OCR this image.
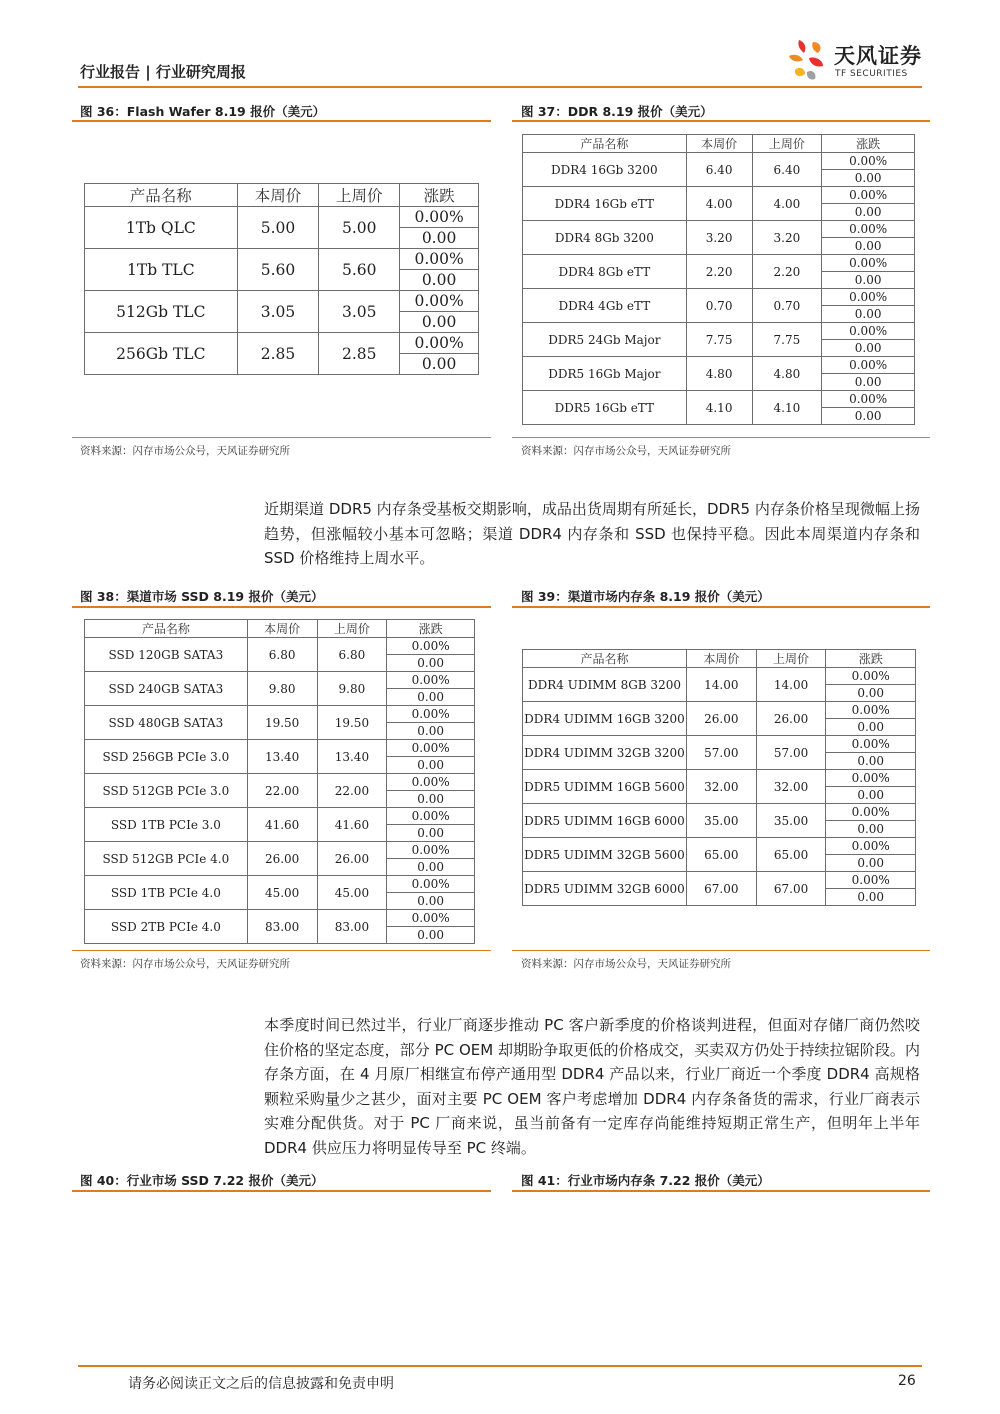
行业报告 | 行业研究周报
天风证券
TF SECURITIES
图 36：Flash Wafer 8.19 报价（美元）
产品名称	本周价	上周价	涨跌
1Tb QLC	5.00	5.00	0.00%
			0.00
1Tb TLC	5.60	5.60	0.00%
			0.00
512Gb TLC	3.05	3.05	0.00%
			0.00
256Gb TLC	2.85	2.85	0.00%
			0.00
资料来源：闪存市场公众号，天风证券研究所
图 37：DDR 8.19 报价（美元）
产品名称	本周价	上周价	涨跌
DDR4 16Gb 3200	6.40	6.40	0.00%
			0.00
DDR4 16Gb eTT	4.00	4.00	0.00%
			0.00
DDR4 8Gb 3200	3.20	3.20	0.00%
			0.00
DDR4 8Gb eTT	2.20	2.20	0.00%
			0.00
DDR4 4Gb eTT	0.70	0.70	0.00%
			0.00
DDR5 24Gb Major	7.75	7.75	0.00%
			0.00
DDR5 16Gb Major	4.80	4.80	0.00%
			0.00
DDR5 16Gb eTT	4.10	4.10	0.00%
			0.00
资料来源：闪存市场公众号，天风证券研究所

近期渠道 DDR5 内存条受基板交期影响，成品出货周期有所延长，DDR5 内存条价格呈现微幅上扬趋势，但涨幅较小基本可忽略；渠道 DDR4 内存条和 SSD 也保持平稳。因此本周渠道内存条和 SSD 价格维持上周水平。

图 38：渠道市场 SSD 8.19 报价（美元）
产品名称	本周价	上周价	涨跌
SSD 120GB SATA3	6.80	6.80	0.00%
			0.00
SSD 240GB SATA3	9.80	9.80	0.00%
			0.00
SSD 480GB SATA3	19.50	19.50	0.00%
			0.00
SSD 256GB PCIe 3.0	13.40	13.40	0.00%
			0.00
SSD 512GB PCIe 3.0	22.00	22.00	0.00%
			0.00
SSD 1TB PCIe 3.0	41.60	41.60	0.00%
			0.00
SSD 512GB PCIe 4.0	26.00	26.00	0.00%
			0.00
SSD 1TB PCIe 4.0	45.00	45.00	0.00%
			0.00
SSD 2TB PCIe 4.0	83.00	83.00	0.00%
			0.00
资料来源：闪存市场公众号，天风证券研究所
图 39：渠道市场内存条 8.19 报价（美元）
产品名称	本周价	上周价	涨跌
DDR4 UDIMM 8GB 3200	14.00	14.00	0.00%
			0.00
DDR4 UDIMM 16GB 3200	26.00	26.00	0.00%
			0.00
DDR4 UDIMM 32GB 3200	57.00	57.00	0.00%
			0.00
DDR5 UDIMM 16GB 5600	32.00	32.00	0.00%
			0.00
DDR5 UDIMM 16GB 6000	35.00	35.00	0.00%
			0.00
DDR5 UDIMM 32GB 5600	65.00	65.00	0.00%
			0.00
DDR5 UDIMM 32GB 6000	67.00	67.00	0.00%
			0.00
资料来源：闪存市场公众号，天风证券研究所

本季度时间已然过半，行业厂商逐步推动 PC 客户新季度的价格谈判进程，但面对存储厂商仍然咬住价格的坚定态度，部分 PC OEM 却期盼争取更低的价格成交，买卖双方仍处于持续拉锯阶段。内存条方面，在 4 月原厂相继宣布停产通用型 DDR4 产品以来，行业厂商近一个季度 DDR4 高规格颗粒采购量少之甚少，面对主要 PC OEM 客户考虑增加 DDR4 内存条备货的需求，行业厂商表示实难分配供货。对于 PC 厂商来说，虽当前备有一定库存尚能维持短期正常生产，但明年上半年 DDR4 供应压力将明显传导至 PC 终端。

图 40：行业市场 SSD 7.22 报价（美元）	图 41：行业市场内存条 7.22 报价（美元）
请务必阅读正文之后的信息披露和免责申明	26
